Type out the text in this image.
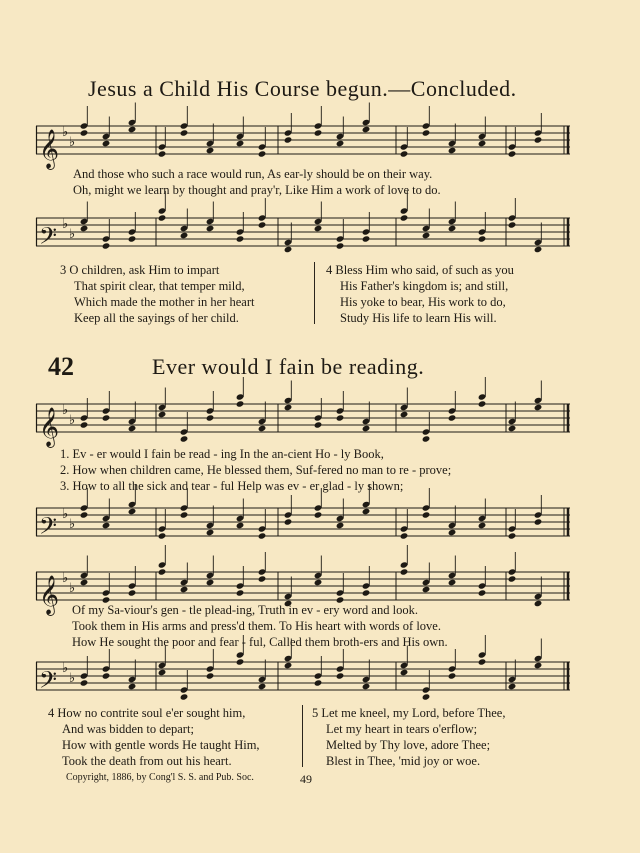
Jesus a Child His Course begun.—Concluded.
𝄞 ♭
♭
And those who such a race would run, As ear-ly should be on their way.
Oh, might we learn by thought and pray'r, Like Him a work of love to do.
𝄢 ♭
♭
3 O children, ask Him to impart
That spirit clear, that temper mild,
Which made the mother in her heart
Keep all the sayings of her child.
4 Bless Him who said, of such as you
His Father's kingdom is; and still,
His yoke to bear, His work to do,
Study His life to learn His will.
42	Ever would I fain be reading.
𝄞 ♭
♭
1. Ev - er would I fain be read - ing In the an-cient Ho - ly Book,
2. How when children came, He blessed them, Suf-fered no man to re - prove;
3. How to all the sick and tear - ful Help was ev - er glad - ly shown;
𝄢 ♭
♭
𝄞 ♭
♭
Of my Sa-viour's gen - tle plead-ing, Truth in ev - ery word and look.
Took them in His arms and press'd them. To His heart with words of love.
How He sought the poor and fear - ful, Called them broth-ers and His own.
𝄢 ♭
♭
4 How no contrite soul e'er sought him,
And was bidden to depart;
How with gentle words He taught Him,
Took the death from out his heart.
5 Let me kneel, my Lord, before Thee,
Let my heart in tears o'erflow;
Melted by Thy love, adore Thee;
Blest in Thee, 'mid joy or woe.
Copyright, 1886, by Cong'l S. S. and Pub. Soc.	49
